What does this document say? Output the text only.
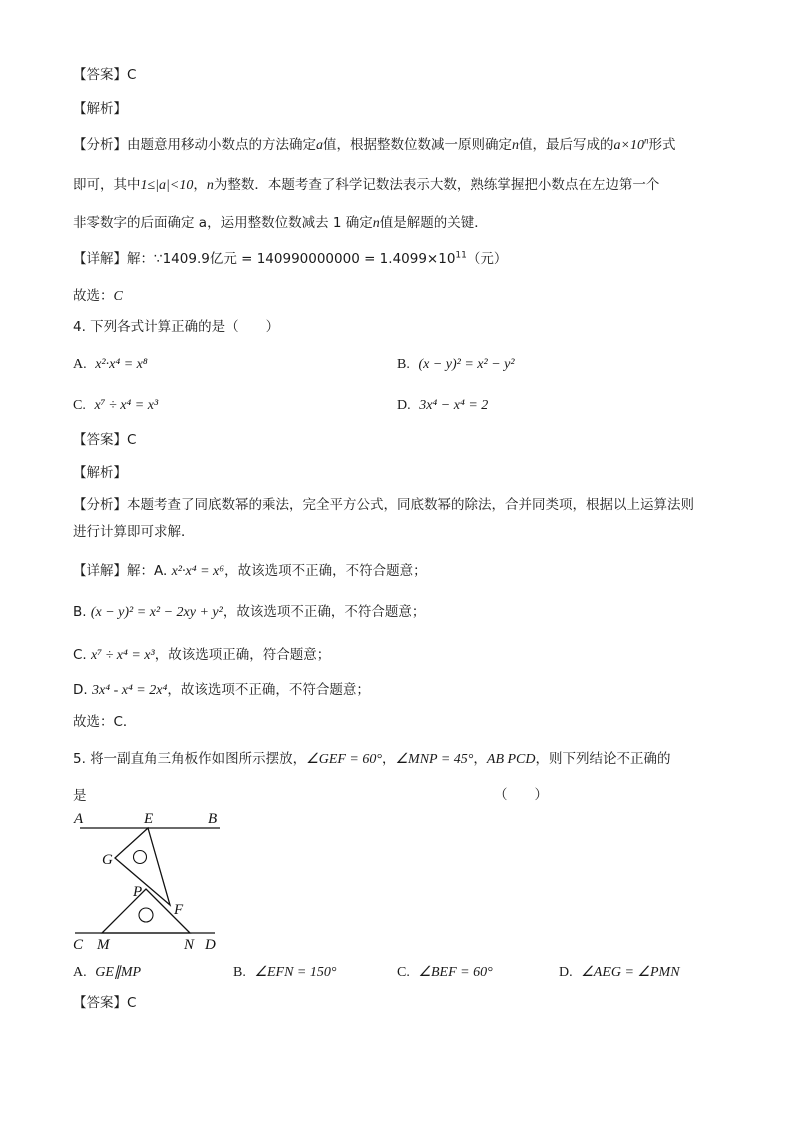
【答案】C
【解析】
【分析】由题意用移动小数点的方法确定a值，根据整数位数减一原则确定n值，最后写成的$a\times 10^n$形式
即可，其中1≤|a|<10，n为整数．本题考查了科学记数法表示大数，熟练掌握把小数点在左边第一个
非零数字的后面确定 a，运用整数位数减去 1 确定n值是解题的关键．
【详解】解：∵1409.9亿元 = $140990000000 = 1.4099\times 10^{11}$（元）
故选：C
4. 下列各式计算正确的是（　　）
A. x²·x⁴ = x⁸	B. (x − y)² = x² − y²
C. x⁷ ÷ x⁴ = x³	D. 3x⁴ − x⁴ = 2
【答案】C
【解析】
【分析】本题考查了同底数幂的乘法，完全平方公式，同底数幂的除法，合并同类项，根据以上运算法则
进行计算即可求解．
【详解】解：A. x²·x⁴ = x⁶，故该选项不正确，不符合题意；
B. (x − y)² = x² − 2xy + y²，故该选项不正确，不符合题意；
C. x⁷ ÷ x⁴ = x³，故该选项正确，符合题意；
D. 3x⁴ - x⁴ = 2x⁴，故该选项不正确，不符合题意；
故选：C．
5. 将一副直角三角板作如图所示摆放，∠GEF = 60°，∠MNP = 45°，AB PCD，则下列结论不正确的
是	（　　）
A	E	B
G
P
F
C M	N D
A. GE∥MP	B. ∠EFN = 150°	C. ∠BEF = 60°	D. ∠AEG = ∠PMN
【答案】C
